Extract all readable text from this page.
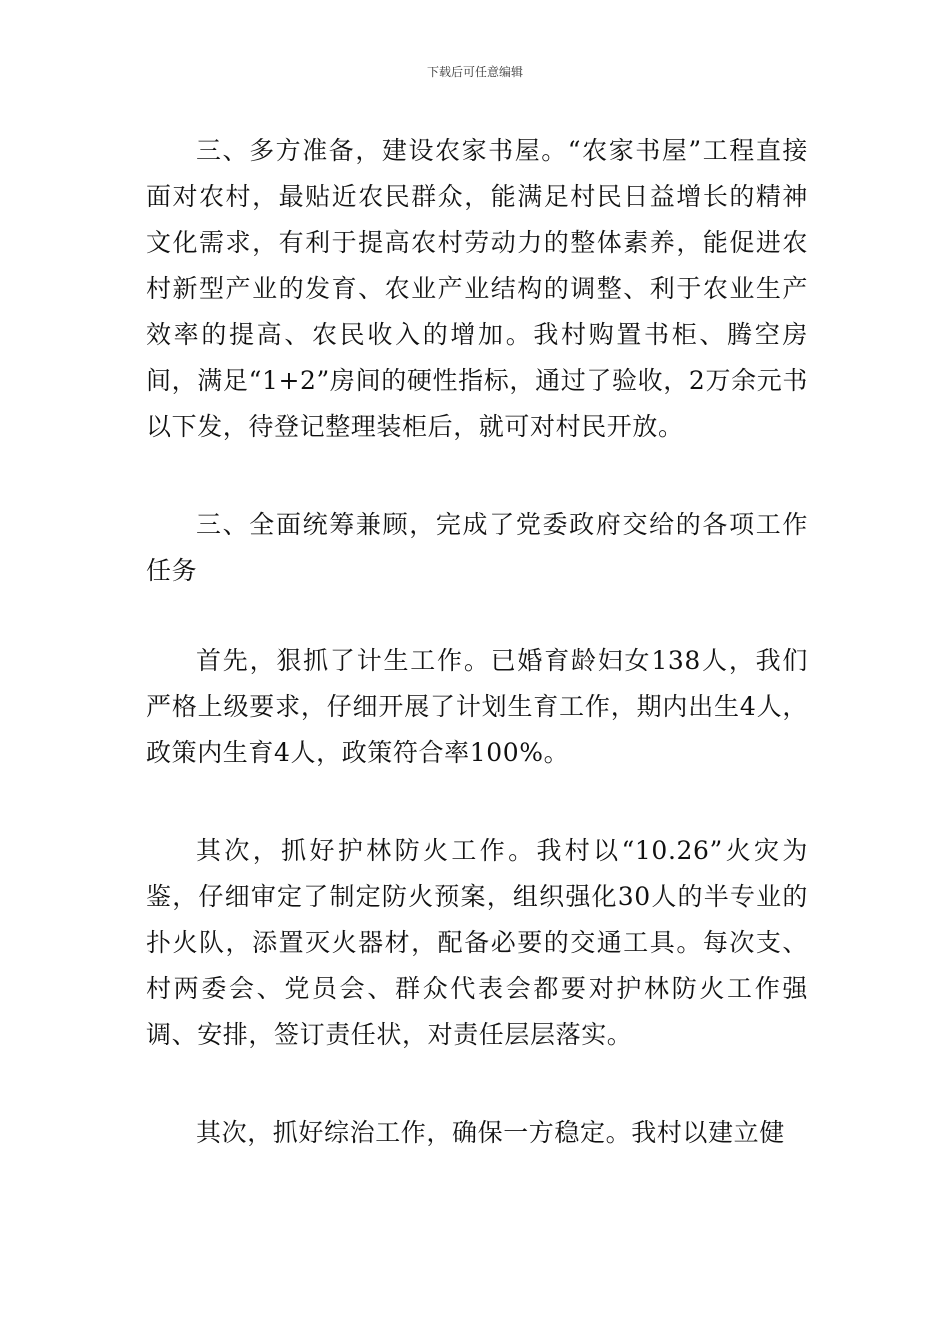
下载后可任意编辑

三、多方准备，建设农家书屋。“农家书屋”工程直接面对农村，最贴近农民群众，能满足村民日益增长的精神文化需求，有利于提高农村劳动力的整体素养，能促进农村新型产业的发育、农业产业结构的调整、利于农业生产效率的提高、农民收入的增加。我村购置书柜、腾空房间，满足“1+2”房间的硬性指标，通过了验收，2万余元书以下发，待登记整理装柜后，就可对村民开放。

三、全面统筹兼顾，完成了党委政府交给的各项工作任务

首先，狠抓了计生工作。已婚育龄妇女138人，我们严格上级要求，仔细开展了计划生育工作，期内出生4人，政策内生育4人，政策符合率100%。

其次，抓好护林防火工作。我村以“10.26”火灾为鉴，仔细审定了制定防火预案，组织强化30人的半专业的扑火队，添置灭火器材，配备必要的交通工具。每次支、村两委会、党员会、群众代表会都要对护林防火工作强调、安排，签订责任状，对责任层层落实。

其次，抓好综治工作，确保一方稳定。我村以建立健
